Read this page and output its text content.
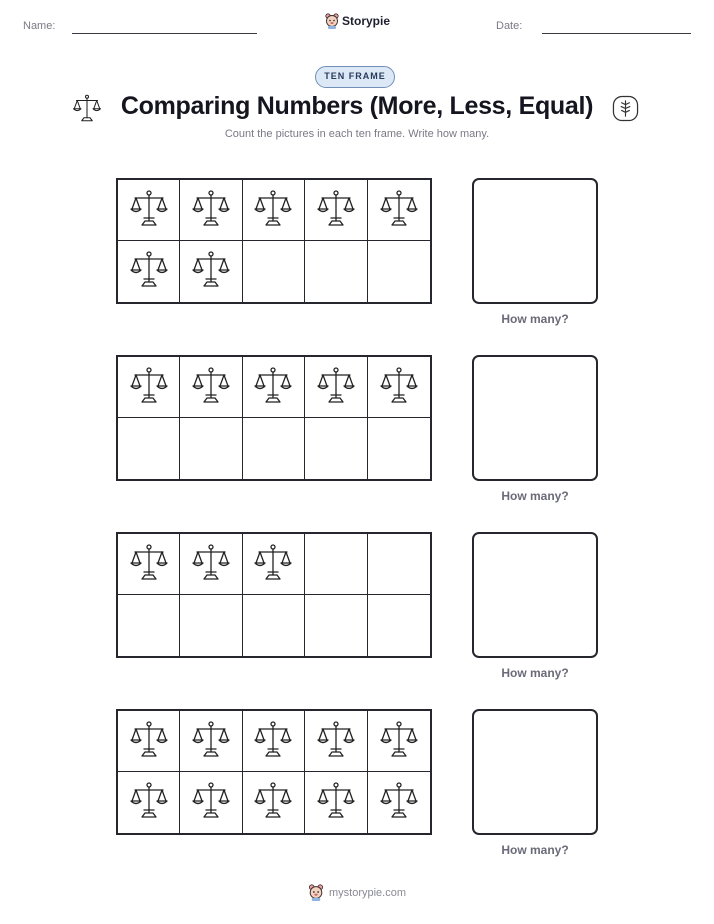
Name:	Storypie	Date:
TEN FRAME
Comparing Numbers (More, Less, Equal)
Count the pictures in each ten frame. Write how many.
How many?
How many?
How many?
How many?
mystorypie.com
